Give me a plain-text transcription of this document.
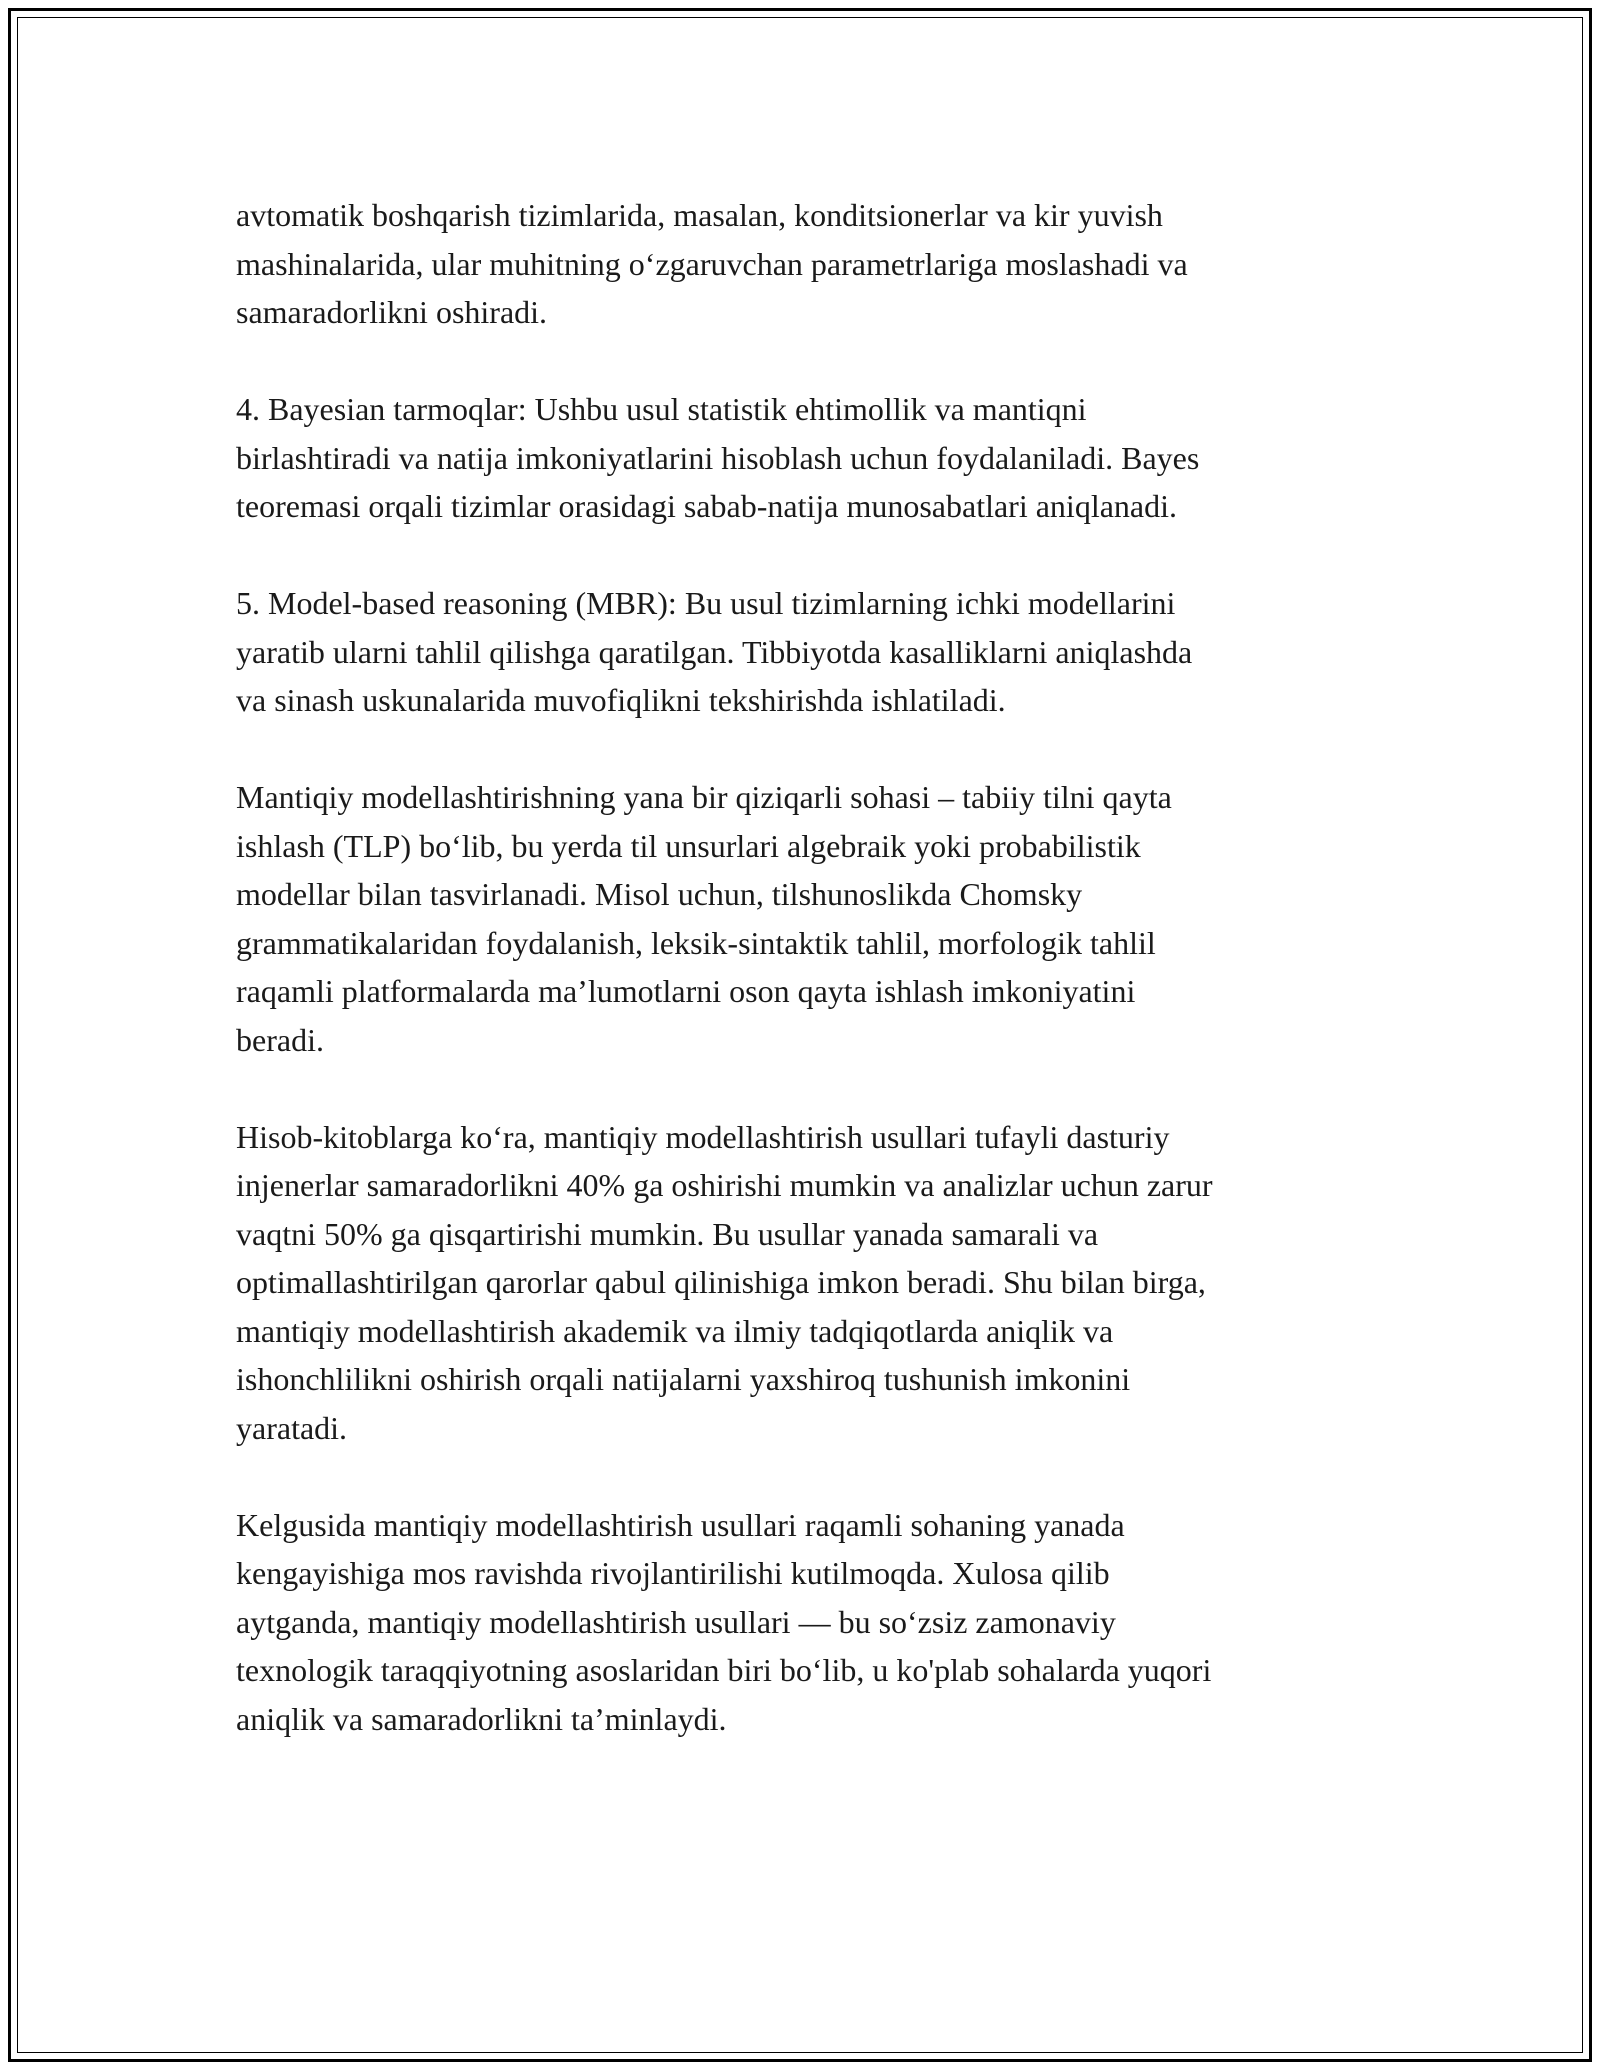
avtomatik boshqarish tizimlarida, masalan, konditsionerlar va kir yuvish
mashinalarida, ular muhitning o‘zgaruvchan parametrlariga moslashadi va
samaradorlikni oshiradi.

4. Bayesian tarmoqlar: Ushbu usul statistik ehtimollik va mantiqni
birlashtiradi va natija imkoniyatlarini hisoblash uchun foydalaniladi. Bayes
teoremasi orqali tizimlar orasidagi sabab-natija munosabatlari aniqlanadi.

5. Model-based reasoning (MBR): Bu usul tizimlarning ichki modellarini
yaratib ularni tahlil qilishga qaratilgan. Tibbiyotda kasalliklarni aniqlashda
va sinash uskunalarida muvofiqlikni tekshirishda ishlatiladi.

Mantiqiy modellashtirishning yana bir qiziqarli sohasi – tabiiy tilni qayta
ishlash (TLP) bo‘lib, bu yerda til unsurlari algebraik yoki probabilistik
modellar bilan tasvirlanadi. Misol uchun, tilshunoslikda Chomsky
grammatikalaridan foydalanish, leksik-sintaktik tahlil, morfologik tahlil
raqamli platformalarda ma’lumotlarni oson qayta ishlash imkoniyatini
beradi.

Hisob-kitoblarga ko‘ra, mantiqiy modellashtirish usullari tufayli dasturiy
injenerlar samaradorlikni 40% ga oshirishi mumkin va analizlar uchun zarur
vaqtni 50% ga qisqartirishi mumkin. Bu usullar yanada samarali va
optimallashtirilgan qarorlar qabul qilinishiga imkon beradi. Shu bilan birga,
mantiqiy modellashtirish akademik va ilmiy tadqiqotlarda aniqlik va
ishonchlilikni oshirish orqali natijalarni yaxshiroq tushunish imkonini
yaratadi.

Kelgusida mantiqiy modellashtirish usullari raqamli sohaning yanada
kengayishiga mos ravishda rivojlantirilishi kutilmoqda. Xulosa qilib
aytganda, mantiqiy modellashtirish usullari — bu so‘zsiz zamonaviy
texnologik taraqqiyotning asoslaridan biri bo‘lib, u ko'plab sohalarda yuqori
aniqlik va samaradorlikni ta’minlaydi.
